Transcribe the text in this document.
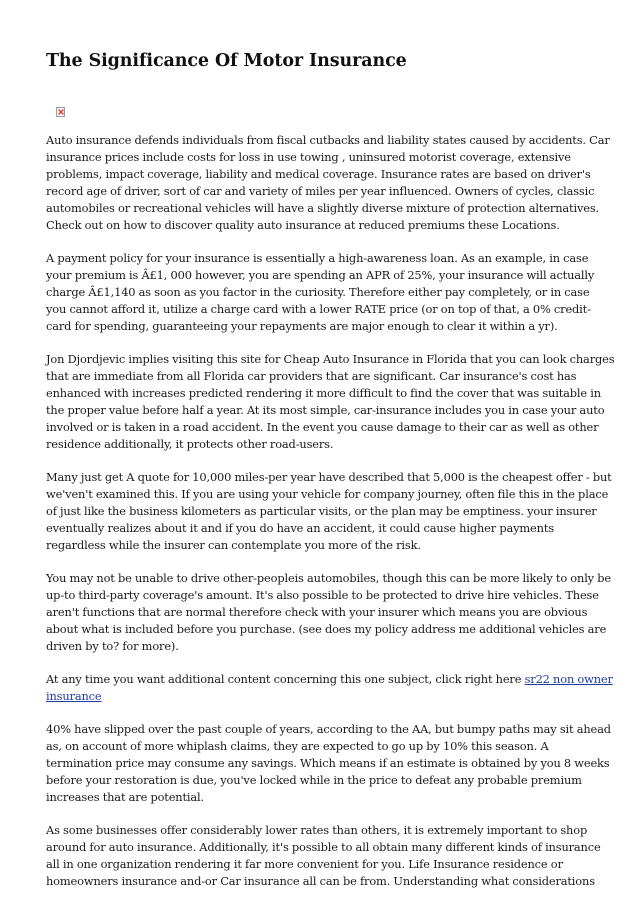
The Significance Of Motor Insurance

Auto insurance defends individuals from fiscal cutbacks and liability states caused by accidents. Car
insurance prices include costs for loss in use towing , uninsured motorist coverage, extensive
problems, impact coverage, liability and medical coverage. Insurance rates are based on driver's
record age of driver, sort of car and variety of miles per year influenced. Owners of cycles, classic
automobiles or recreational vehicles will have a slightly diverse mixture of protection alternatives.
Check out on how to discover quality auto insurance at reduced premiums these Locations.

A payment policy for your insurance is essentially a high-awareness loan. As an example, in case
your premium is Â£1, 000 however, you are spending an APR of 25%, your insurance will actually
charge Â£1,140 as soon as you factor in the curiosity. Therefore either pay completely, or in case
you cannot afford it, utilize a charge card with a lower RATE price (or on top of that, a 0% credit-
card for spending, guaranteeing your repayments are major enough to clear it within a yr).

Jon Djordjevic implies visiting this site for Cheap Auto Insurance in Florida that you can look charges
that are immediate from all Florida car providers that are significant. Car insurance's cost has
enhanced with increases predicted rendering it more difficult to find the cover that was suitable in
the proper value before half a year. At its most simple, car-insurance includes you in case your auto
involved or is taken in a road accident. In the event you cause damage to their car as well as other
residence additionally, it protects other road-users.

Many just get A quote for 10,000 miles-per year have described that 5,000 is the cheapest offer - but
we'ven't examined this. If you are using your vehicle for company journey, often file this in the place
of just like the business kilometers as particular visits, or the plan may be emptiness. your insurer
eventually realizes about it and if you do have an accident, it could cause higher payments
regardless while the insurer can contemplate you more of the risk.

You may not be unable to drive other-peopleis automobiles, though this can be more likely to only be
up-to third-party coverage's amount. It's also possible to be protected to drive hire vehicles. These
aren't functions that are normal therefore check with your insurer which means you are obvious
about what is included before you purchase. (see does my policy address me additional vehicles are
driven by to? for more).

At any time you want additional content concerning this one subject, click right here sr22 non owner
insurance

40% have slipped over the past couple of years, according to the AA, but bumpy paths may sit ahead
as, on account of more whiplash claims, they are expected to go up by 10% this season. A
termination price may consume any savings. Which means if an estimate is obtained by you 8 weeks
before your restoration is due, you've locked while in the price to defeat any probable premium
increases that are potential.

As some businesses offer considerably lower rates than others, it is extremely important to shop
around for auto insurance. Additionally, it's possible to all obtain many different kinds of insurance
all in one organization rendering it far more convenient for you. Life Insurance residence or
homeowners insurance and-or Car insurance all can be from. Understanding what considerations
